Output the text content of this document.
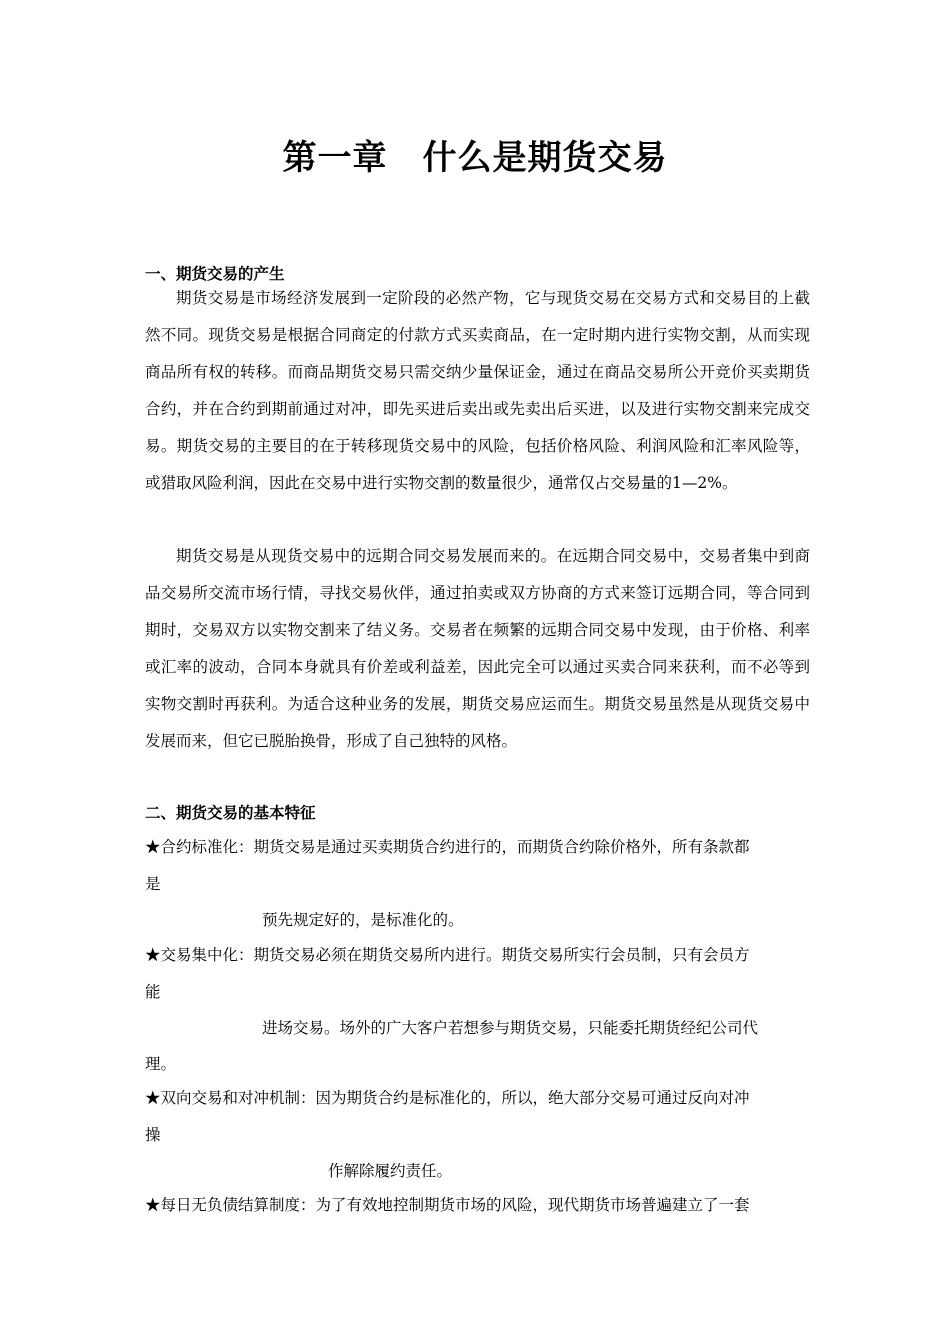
第一章　什么是期货交易
一、期货交易的产生

期货交易是市场经济发展到一定阶段的必然产物，它与现货交易在交易方式和交易目的上截然不同。现货交易是根据合同商定的付款方式买卖商品，在一定时期内进行实物交割，从而实现商品所有权的转移。而商品期货交易只需交纳少量保证金，通过在商品交易所公开竞价买卖期货合约，并在合约到期前通过对冲，即先买进后卖出或先卖出后买进，以及进行实物交割来完成交易。期货交易的主要目的在于转移现货交易中的风险，包括价格风险、利润风险和汇率风险等，或猎取风险利润，因此在交易中进行实物交割的数量很少，通常仅占交易量的1—2%。

期货交易是从现货交易中的远期合同交易发展而来的。在远期合同交易中，交易者集中到商品交易所交流市场行情，寻找交易伙伴，通过拍卖或双方协商的方式来签订远期合同，等合同到期时，交易双方以实物交割来了结义务。交易者在频繁的远期合同交易中发现，由于价格、利率或汇率的波动，合同本身就具有价差或利益差，因此完全可以通过买卖合同来获利，而不必等到实物交割时再获利。为适合这种业务的发展，期货交易应运而生。期货交易虽然是从现货交易中发展而来，但它已脱胎换骨，形成了自己独特的风格。

二、期货交易的基本特征
★合约标准化：期货交易是通过买卖期货合约进行的，而期货合约除价格外，所有条款都
是
预先规定好的，是标准化的。
★交易集中化：期货交易必须在期货交易所内进行。期货交易所实行会员制，只有会员方
能
进场交易。场外的广大客户若想参与期货交易，只能委托期货经纪公司代
理。
★双向交易和对冲机制：因为期货合约是标准化的，所以，绝大部分交易可通过反向对冲
操
作解除履约责任。
★每日无负债结算制度：为了有效地控制期货市场的风险，现代期货市场普遍建立了一套
